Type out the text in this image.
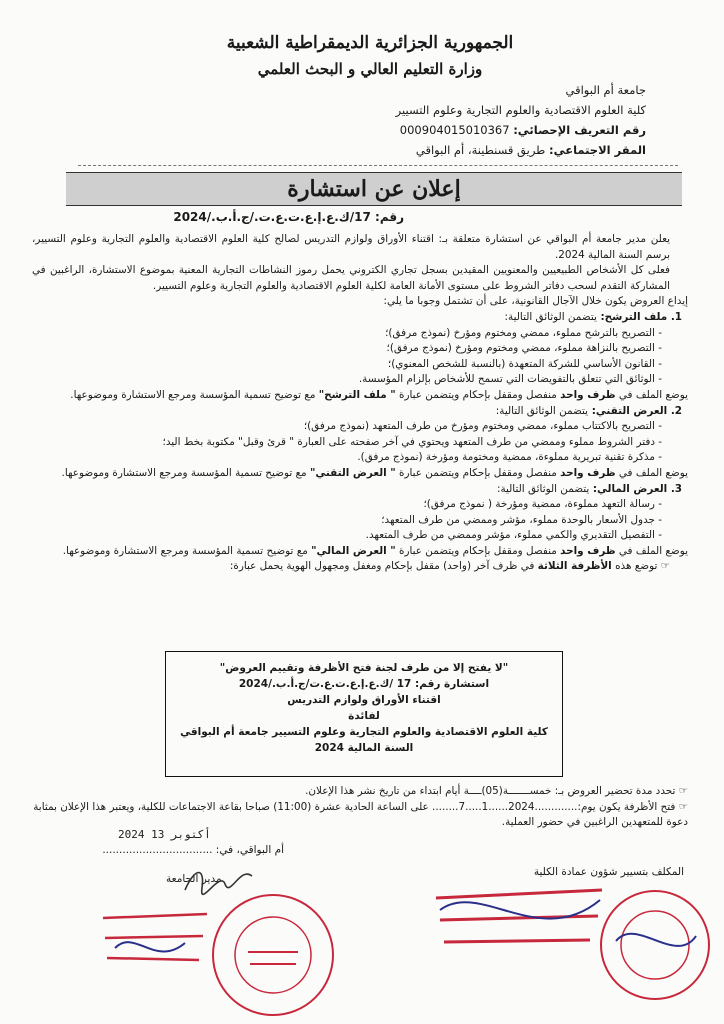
الجمهورية الجزائرية الديمقراطية الشعبية
وزارة التعليم العالي و البحث العلمي
جامعة أم البواقي
كلية العلوم الاقتصادية والعلوم التجارية وعلوم التسيير
رقم التعريف الإحصائي: 000904015010367
المقر الاجتماعي: طريق قسنطينة، أم البواقي
إعلان عن استشارة
رقم: 17/ك.ع.إ.ع.ت.ع.ت./ج.أ.ب./2024

يعلن مدير جامعة أم البواقي عن استشارة متعلقة بـ: اقتناء الأوراق ولوازم التدريس لصالح كلية العلوم الاقتصادية والعلوم التجارية وعلوم التسيير، برسم السنة المالية 2024.

فعلى كل الأشخاص الطبيعيين والمعنويين المقيدين بسجل تجاري الكتروني يحمل رموز النشاطات التجارية المعنية بموضوع الاستشارة، الراغبين في المشاركة التقدم لسحب دفاتر الشروط على مستوى الأمانة العامة لكلية العلوم الاقتصادية والعلوم التجارية وعلوم التسيير.

إيداع العروض يكون خلال الآجال القانونية، على أن تشتمل وجوبا ما يلي:

1. ملف الترشح: يتضمن الوثائق التالية:

- التصريح بالترشح مملوء، ممضي ومختوم ومؤرخ (نموذج مرفق)؛

- التصريح بالنزاهة مملوء، ممضي ومختوم ومؤرخ (نموذج مرفق)؛

- القانون الأساسي للشركة المتعهدة (بالنسبة للشخص المعنوي)؛

- الوثائق التي تتعلق بالتفويضات التي تسمح للأشخاص بإلزام المؤسسة.

يوضع الملف في ظرف واحد منفصل ومقفل بإحكام ويتضمن عبارة " ملف الترشح" مع توضيح تسمية المؤسسة ومرجع الاستشارة وموضوعها.

2. العرض التقني: يتضمن الوثائق التالية:

- التصريح بالاكتتاب مملوء، ممضي ومختوم ومؤرخ من طرف المتعهد (نموذج مرفق)؛

- دفتر الشروط مملوء وممضي من طرف المتعهد ويحتوي في آخر صفحته على العبارة " قرئ وقبل" مكتوبة بخط اليد؛

- مذكرة تقنية تبريرية مملوءة، ممضية ومختومة ومؤرخة (نموذج مرفق).

يوضع الملف في ظرف واحد منفصل ومقفل بإحكام ويتضمن عبارة " العرض التقني" مع توضيح تسمية المؤسسة ومرجع الاستشارة وموضوعها.

3. العرض المالي: يتضمن الوثائق التالية:

- رسالة التعهد مملوءة، ممضية ومؤرخة ( نموذج مرفق)؛

- جدول الأسعار بالوحدة مملوء، مؤشر وممضي من طرف المتعهد؛

- التفصيل التقديري والكمي مملوء، مؤشر وممضي من طرف المتعهد.

يوضع الملف في ظرف واحد منفصل ومقفل بإحكام ويتضمن عبارة " العرض المالي" مع توضيح تسمية المؤسسة ومرجع الاستشارة وموضوعها.

☞ توضع هذه الأظرفة الثلاثة في ظرف آخر (واحد) مقفل بإحكام ومغفل ومجهول الهوية يحمل عبارة:

"لا يفتح إلا من طرف لجنة فتح الأظرفة وتقييم العروض"
استشارة رقم: 17 /ك.ع.إ.ع.ت.ع.ت/ج.أ.ب./2024
اقتناء الأوراق ولوازم التدريس
لفائدة
كلية العلوم الاقتصادية والعلوم التجارية وعلوم التسيير جامعة أم البواقي
السنة المالية 2024

☞ تحدد مدة تحضير العروض بـ: خمســـــــة(05)ــــة أيام ابتداء من تاريخ نشر هذا الإعلان.

☞ فتح الأظرفة يكون يوم:.............2024......1.....7........ على الساعة الحادية عشرة (11:00) صباحا بقاعة الاجتماعات للكلية، ويعتبر هذا الإعلان بمثابة دعوة للمتعهدين الراغبين في حضور العملية.

2024 أكتوبر 13
أم البواقي، في: .................................
المكلف بتسيير شؤون عمادة الكلية
مدير الجامعة
